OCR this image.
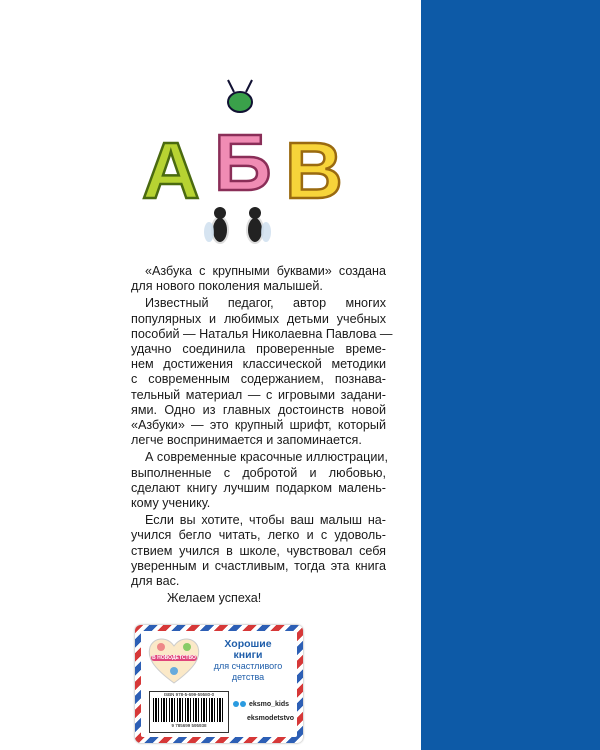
А Б В
«Азбука с крупными буквами» создана
для нового поколения малышей.
Известный педагог, автор многих
популярных и любимых детьми учебных
пособий — Наталья Николаевна Павлова —
удачно соединила проверенные време-
нем достижения классической методики
с современным содержанием, познава-
тельный материал — с игровыми задани-
ями. Одно из главных достоинств новой
«Азбуки» — это крупный шрифт, который
легче воспринимается и запоминается.
А современные красочные иллюстрации,
выполненные с добротой и любовью,
сделают книгу лучшим подарком малень-
кому ученику.
Если вы хотите, чтобы ваш малыш на-
учился бегло читать, легко и с удоволь-
ствием учился в школе, чувствовал себя
уверенным и счастливым, тогда эта книга
для вас.
Желаем успеха!
В НОВОДЕТСТВО
Хорошие
книги
для счастливого
детства
ISBN 978-5-699-59580-0
9 785699 595938
eksmo_kids
eksmodetstvo
